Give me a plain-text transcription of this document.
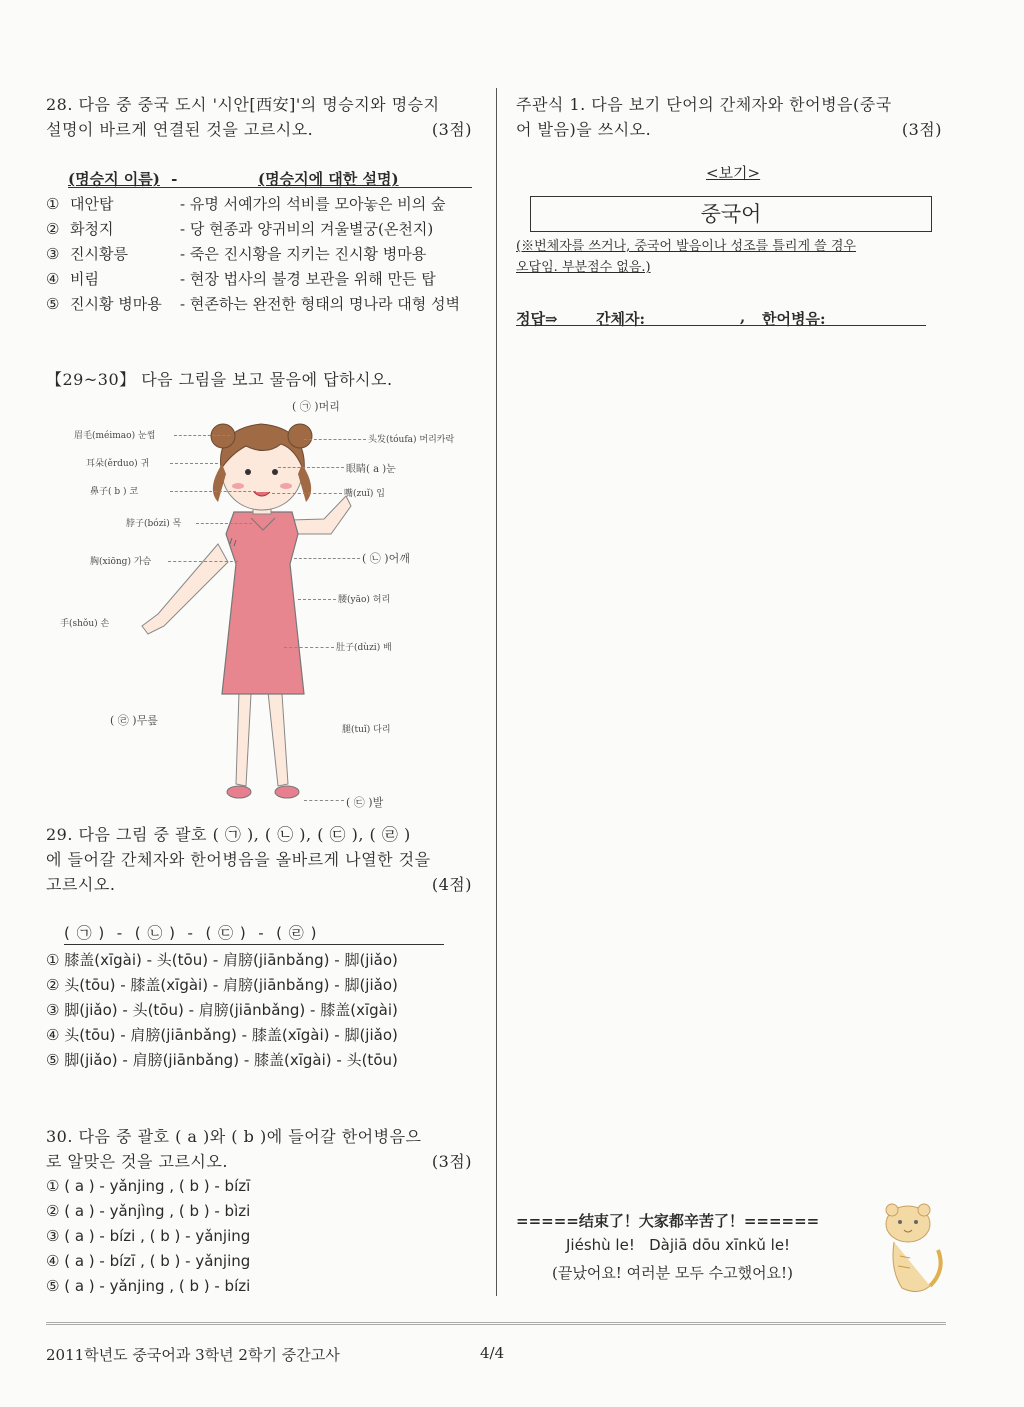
28. 다음 중 중국 도시 '시안[西安]'의 명승지와 명승지
설명이 바르게 연결된 것을 고르시오.	(3점)
(명승지 이름) -	(명승지에 대한 설명)
① 대안탑	- 유명 서예가의 석비를 모아놓은 비의 숲
② 화청지	- 당 현종과 양귀비의 겨울별궁(온천지)
③ 진시황릉	- 죽은 진시황을 지키는 진시황 병마용
④ 비림	- 현장 법사의 불경 보관을 위해 만든 탑
⑤ 진시황 병마용 - 현존하는 완전한 형태의 명나라 대형 성벽
【29~30】 다음 그림을 보고 물음에 답하시오.
眉毛(méimao) 눈썹
耳朵(ěrduo) 귀
鼻子( b ) 코
脖子(bózi) 목
胸(xiōng) 가슴
手(shǒu) 손
( ㉣ )무릎
( ㉠ )머리
头发(tóufa) 머리카락
眼睛( a )눈
嘴(zuǐ) 입
( ㉡ )어깨
腰(yāo) 허리
肚子(dùzi) 배
腿(tuǐ) 다리
( ㉢ )발
29. 다음 그림 중 괄호 ( ㉠ ), ( ㉡ ), ( ㉢ ), ( ㉣ )
에 들어갈 간체자와 한어병음을 올바르게 나열한 것을
고르시오.	(4점)
( ㉠ )  -  ( ㉡ )  -  ( ㉢ )  -  ( ㉣ )
① 膝盖(xīgài) - 头(tōu) - 肩膀(jiānbǎng) - 脚(jiǎo)
② 头(tōu) - 膝盖(xīgài) - 肩膀(jiānbǎng) - 脚(jiǎo)
③ 脚(jiǎo) - 头(tōu) - 肩膀(jiānbǎng) - 膝盖(xīgài)
④ 头(tōu) - 肩膀(jiānbǎng) - 膝盖(xīgài) - 脚(jiǎo)
⑤ 脚(jiǎo) - 肩膀(jiānbǎng) - 膝盖(xīgài) - 头(tōu)
30. 다음 중 괄호 ( a )와 ( b )에 들어갈 한어병음으
로 알맞은 것을 고르시오.	(3점)
① ( a ) - yǎnjing , ( b ) - bízī
② ( a ) - yǎnjìng , ( b ) - bìzi
③ ( a ) - bízi , ( b ) - yǎnjing
④ ( a ) - bízī , ( b ) - yǎnjing
⑤ ( a ) - yǎnjing , ( b ) - bízi
주관식 1. 다음 보기 단어의 간체자와 한어병음(중국
어 발음)을 쓰시오.	(3점)
<보기>
중국어
(※번체자를 쓰거나, 중국어 발음이나 성조를 틀리게 쓸 경우
오답임. 부분점수 없음.)
정답⇒	간체자:	, 한어병음:
=====结束了！大家都辛苦了！======
Jiéshù le!   Dàjiā dōu xīnkǔ le!
(끝났어요! 여러분 모두 수고했어요!)
2011학년도 중국어과 3학년 2학기 중간고사	4/4
